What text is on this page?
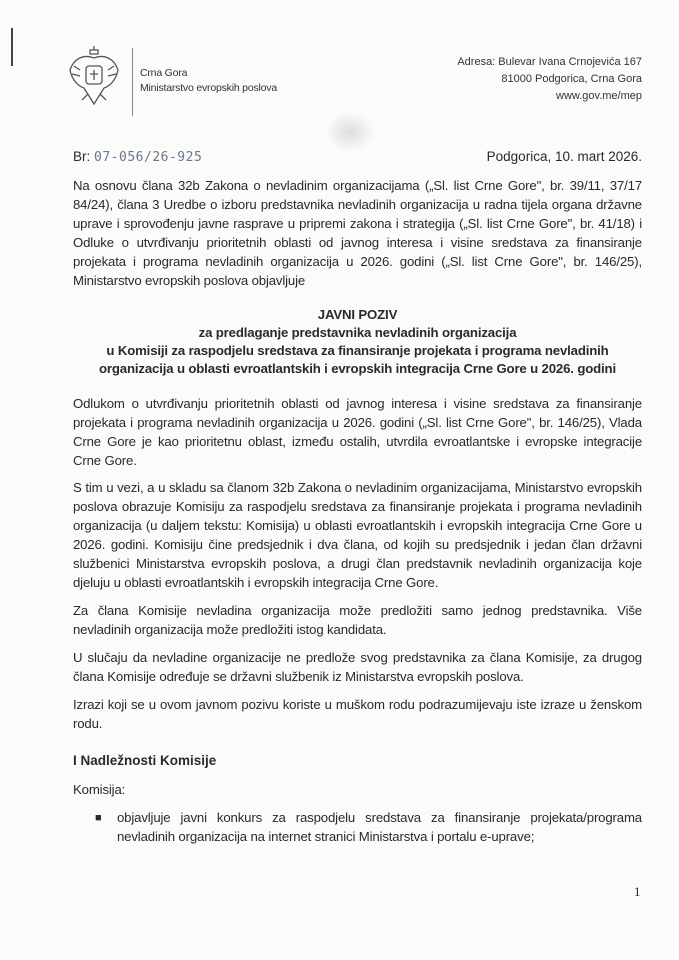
Crna Gora
Ministarstvo evropskih poslova
Adresa: Bulevar Ivana Crnojevića 167
81000 Podgorica, Crna Gora
www.gov.me/mep
Br: 07-056/26-925	Podgorica, 10. mart 2026.
Na osnovu člana 32b Zakona o nevladinim organizacijama („Sl. list Crne Gore", br. 39/11, 37/17 84/24), člana 3 Uredbe o izboru predstavnika nevladinih organizacija u radna tijela organa državne uprave i sprovođenju javne rasprave u pripremi zakona i strategija („Sl. list Crne Gore", br. 41/18) i Odluke o utvrđivanju prioritetnih oblasti od javnog interesa i visine sredstava za finansiranje projekata i programa nevladinih organizacija u 2026. godini („Sl. list Crne Gore", br. 146/25), Ministarstvo evropskih poslova objavljuje
JAVNI POZIV
za predlaganje predstavnika nevladinih organizacija
u Komisiji za raspodjelu sredstava za finansiranje projekata i programa nevladinih
organizacija u oblasti evroatlantskih i evropskih integracija Crne Gore u 2026. godini
Odlukom o utvrđivanju prioritetnih oblasti od javnog interesa i visine sredstava za finansiranje projekata i programa nevladinih organizacija u 2026. godini („Sl. list Crne Gore", br. 146/25), Vlada Crne Gore je kao prioritetnu oblast, između ostalih, utvrdila evroatlantske i evropske integracije Crne Gore.
S tim u vezi, a u skladu sa članom 32b Zakona o nevladinim organizacijama, Ministarstvo evropskih poslova obrazuje Komisiju za raspodjelu sredstava za finansiranje projekata i programa nevladinih organizacija (u daljem tekstu: Komisija) u oblasti evroatlantskih i evropskih integracija Crne Gore u 2026. godini. Komisiju čine predsjednik i dva člana, od kojih su predsjednik i jedan član državni službenici Ministarstva evropskih poslova, a drugi član predstavnik nevladinih organizacija koje djeluju u oblasti evroatlantskih i evropskih integracija Crne Gore.
Za člana Komisije nevladina organizacija može predložiti samo jednog predstavnika. Više nevladinih organizacija može predložiti istog kandidata.
U slučaju da nevladine organizacije ne predlože svog predstavnika za člana Komisije, za drugog člana Komisije određuje se državni službenik iz Ministarstva evropskih poslova.
Izrazi koji se u ovom javnom pozivu koriste u muškom rodu podrazumijevaju iste izraze u ženskom rodu.
I Nadležnosti Komisije
Komisija:
■ objavljuje javni konkurs za raspodjelu sredstava za finansiranje projekata/programa nevladinih organizacija na internet stranici Ministarstva i portalu e-uprave;
1
